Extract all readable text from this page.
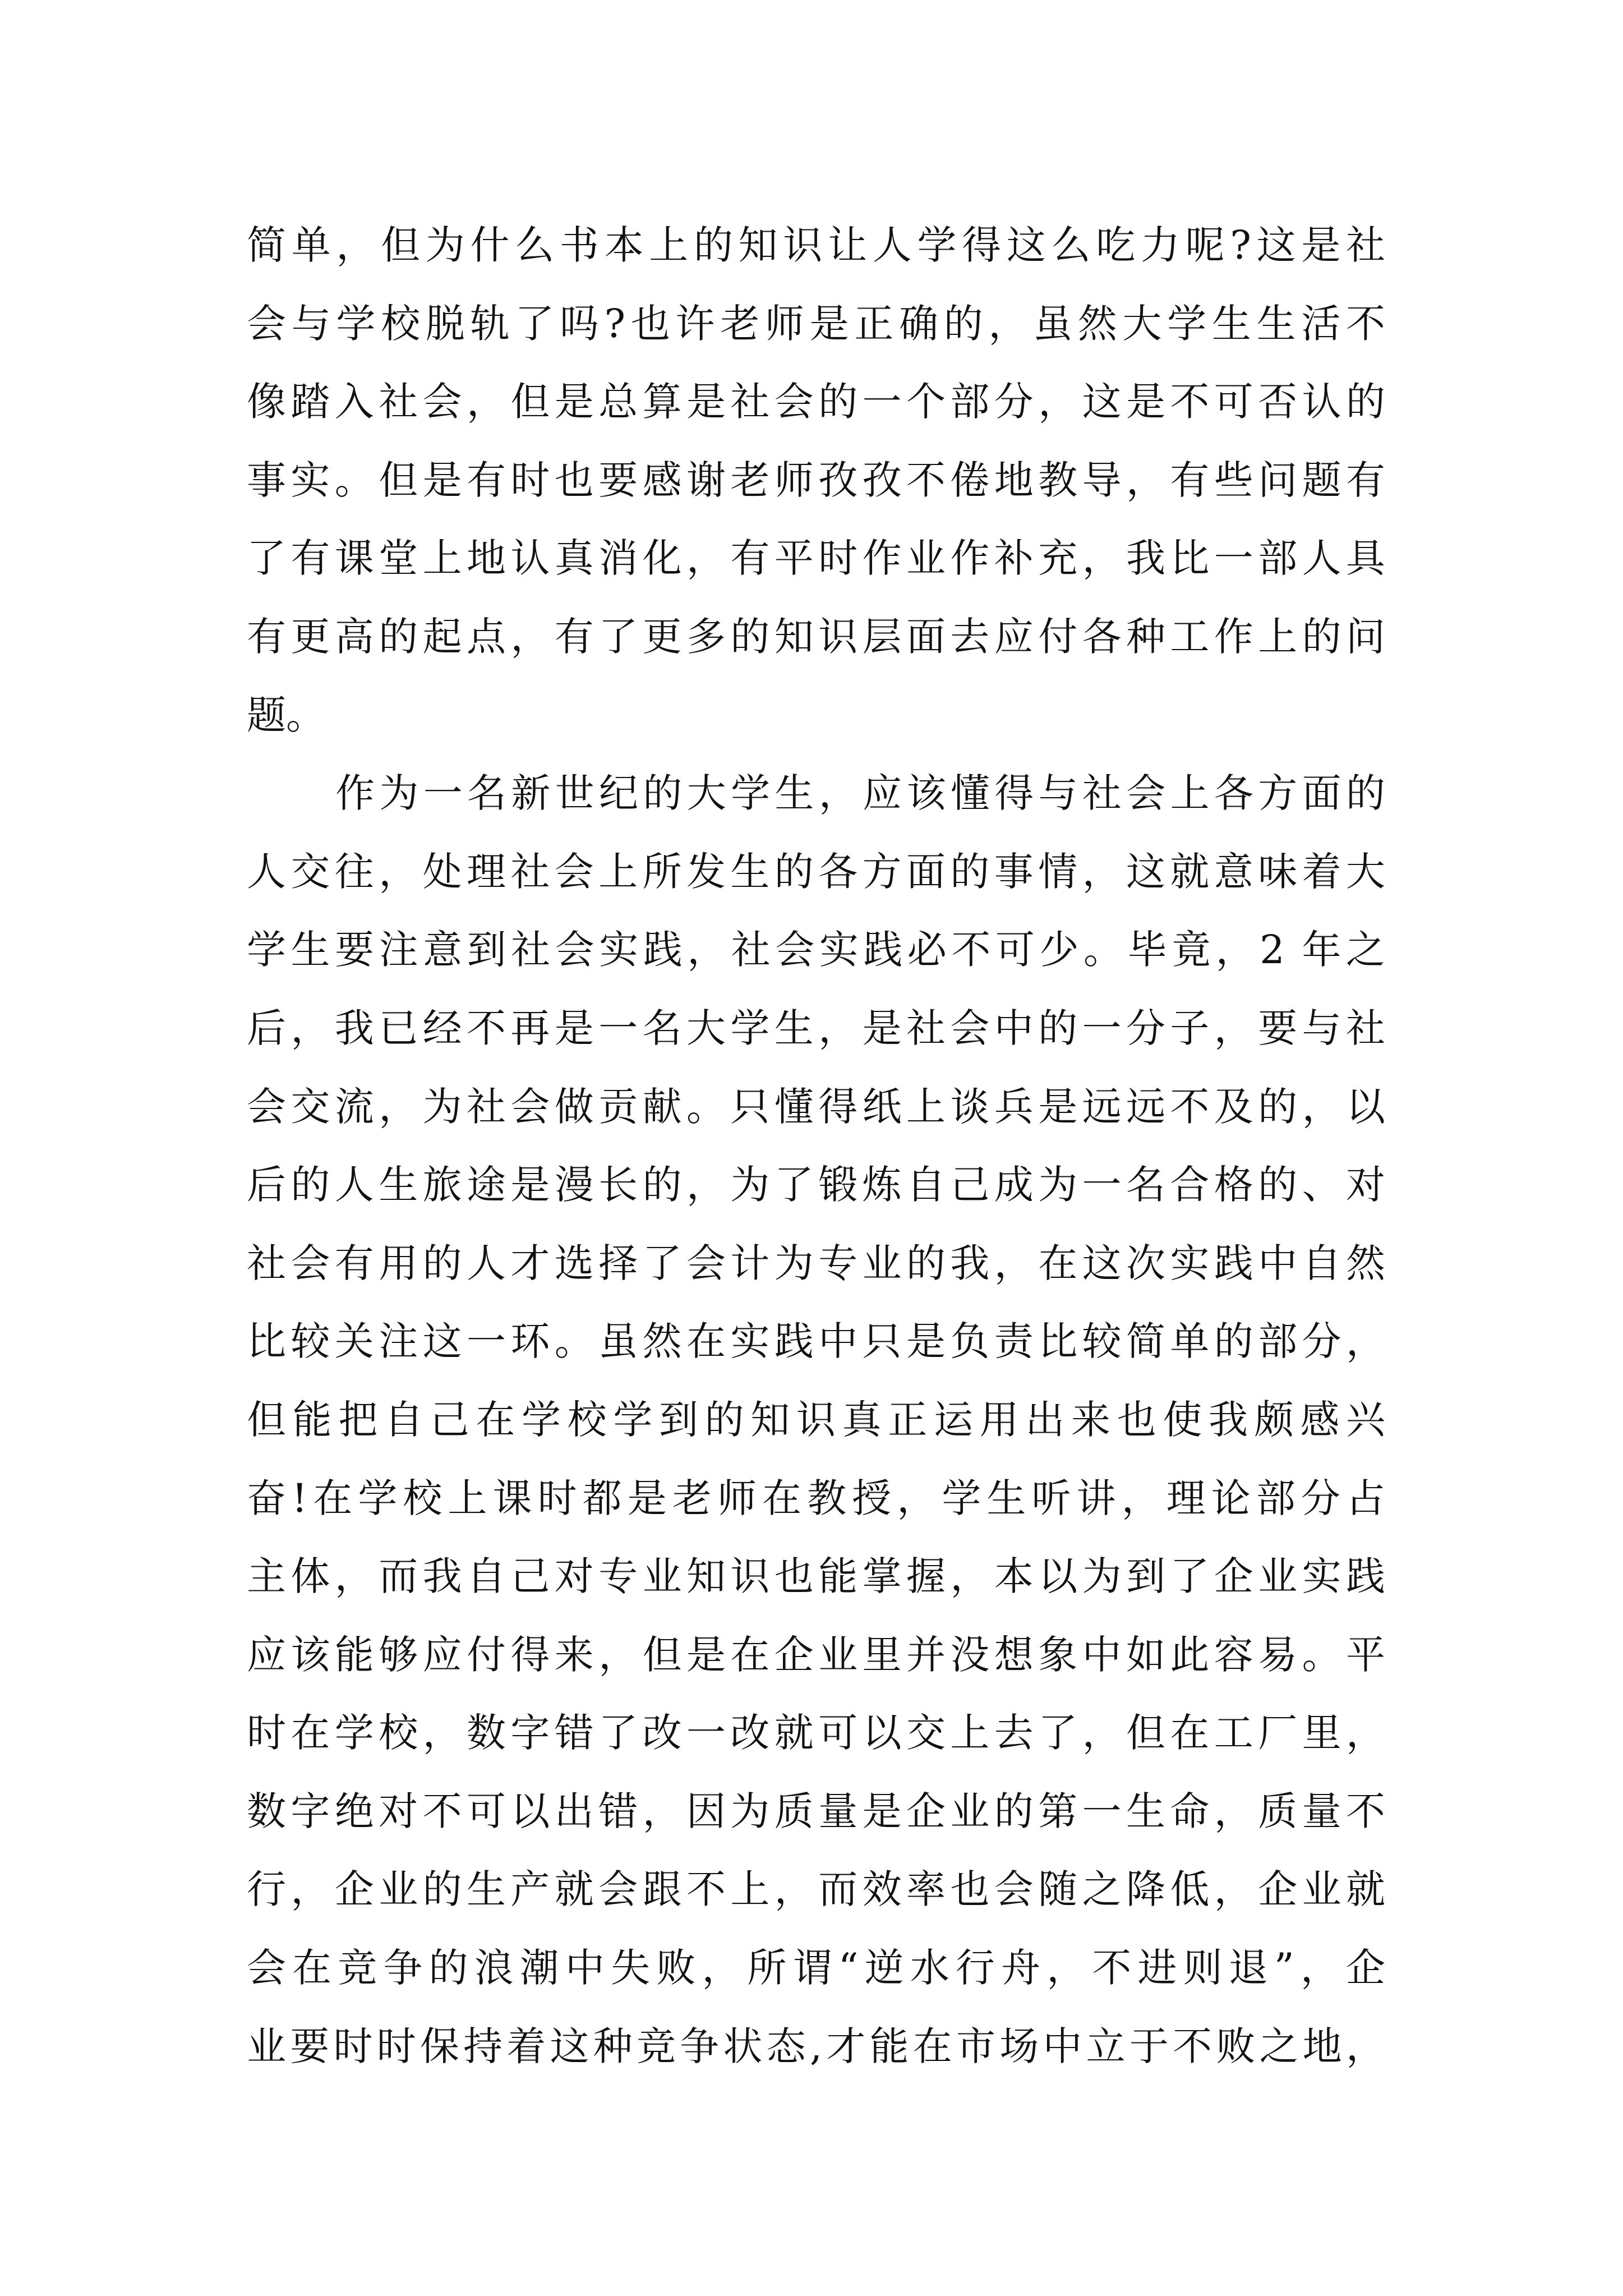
简单，但为什么书本上的知识让人学得这么吃力呢?这是社
会与学校脱轨了吗?也许老师是正确的，虽然大学生生活不
像踏入社会，但是总算是社会的一个部分，这是不可否认的
事实。但是有时也要感谢老师孜孜不倦地教导，有些问题有
了有课堂上地认真消化，有平时作业作补充，我比一部人具
有更高的起点，有了更多的知识层面去应付各种工作上的问
题。
作为一名新世纪的大学生，应该懂得与社会上各方面的
人交往，处理社会上所发生的各方面的事情，这就意味着大
学生要注意到社会实践，社会实践必不可少。毕竟，2 年之
后，我已经不再是一名大学生，是社会中的一分子，要与社
会交流，为社会做贡献。只懂得纸上谈兵是远远不及的，以
后的人生旅途是漫长的，为了锻炼自己成为一名合格的、对
社会有用的人才选择了会计为专业的我，在这次实践中自然
比较关注这一环。虽然在实践中只是负责比较简单的部分，
但能把自己在学校学到的知识真正运用出来也使我颇感兴
奋!在学校上课时都是老师在教授，学生听讲，理论部分占
主体，而我自己对专业知识也能掌握，本以为到了企业实践
应该能够应付得来，但是在企业里并没想象中如此容易。平
时在学校，数字错了改一改就可以交上去了，但在工厂里，
数字绝对不可以出错，因为质量是企业的第一生命，质量不
行，企业的生产就会跟不上，而效率也会随之降低，企业就
会在竞争的浪潮中失败，所谓“逆水行舟，不进则退”，企
业要时时保持着这种竞争状态,才能在市场中立于不败之地，
